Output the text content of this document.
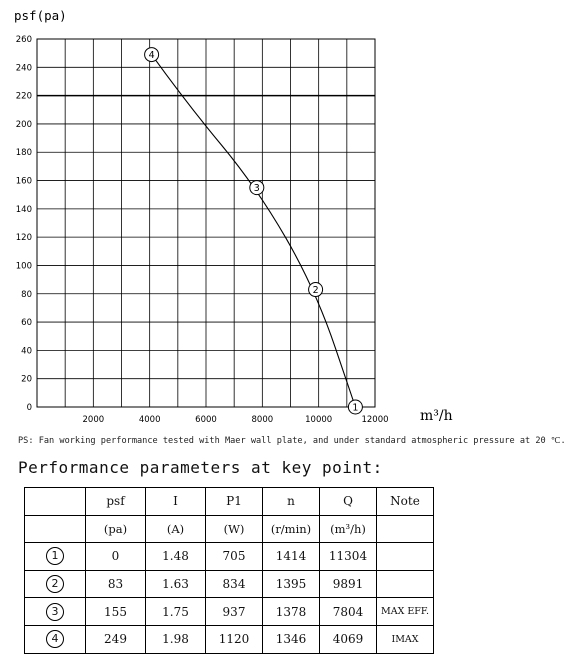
0
20
40
60
80
100
120
140
160
180
200
220
240
260
2000	4000	6000	8000	10000	12000
4
3
2
1
psf(pa)
m³/h
PS: Fan working performance tested with Maer wall plate, and under standard atmospheric pressure at 20 ℃.
Performance parameters at key point:
	psf	I	P1	n	Q	Note
	(pa)	(A)	(W)	(r/min)	(m³/h)	
1	0	1.48	705	1414	11304	
2	83	1.63	834	1395	9891	
3	155	1.75	937	1378	7804	MAX EFF.
4	249	1.98	1120	1346	4069	IMAX
